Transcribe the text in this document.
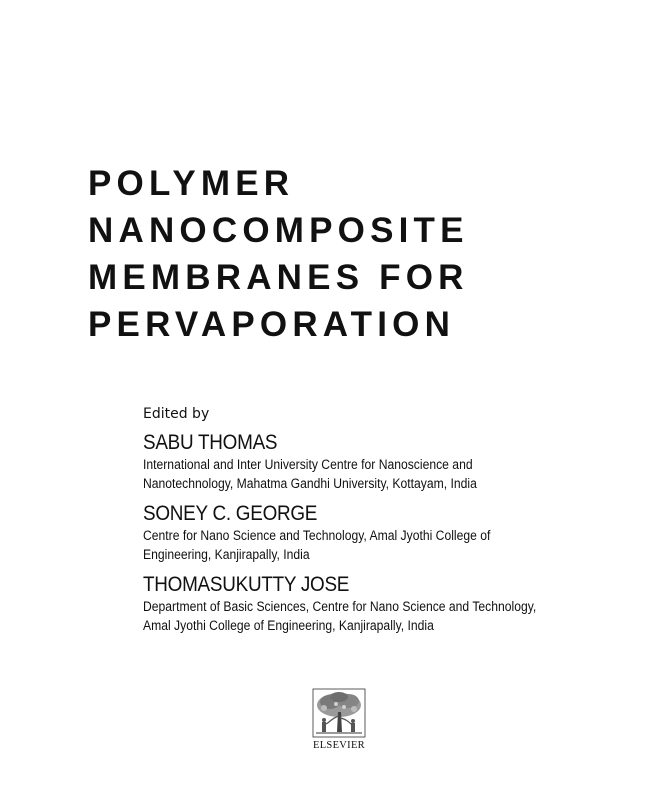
POLYMER
NANOCOMPOSITE
MEMBRANES FOR
PERVAPORATION
Edited by
SABU THOMAS
International and Inter University Centre for Nanoscience and
Nanotechnology, Mahatma Gandhi University, Kottayam, India
SONEY C. GEORGE
Centre for Nano Science and Technology, Amal Jyothi College of
Engineering, Kanjirapally, India
THOMASUKUTTY JOSE
Department of Basic Sciences, Centre for Nano Science and Technology,
Amal Jyothi College of Engineering, Kanjirapally, India
ELSEVIER
